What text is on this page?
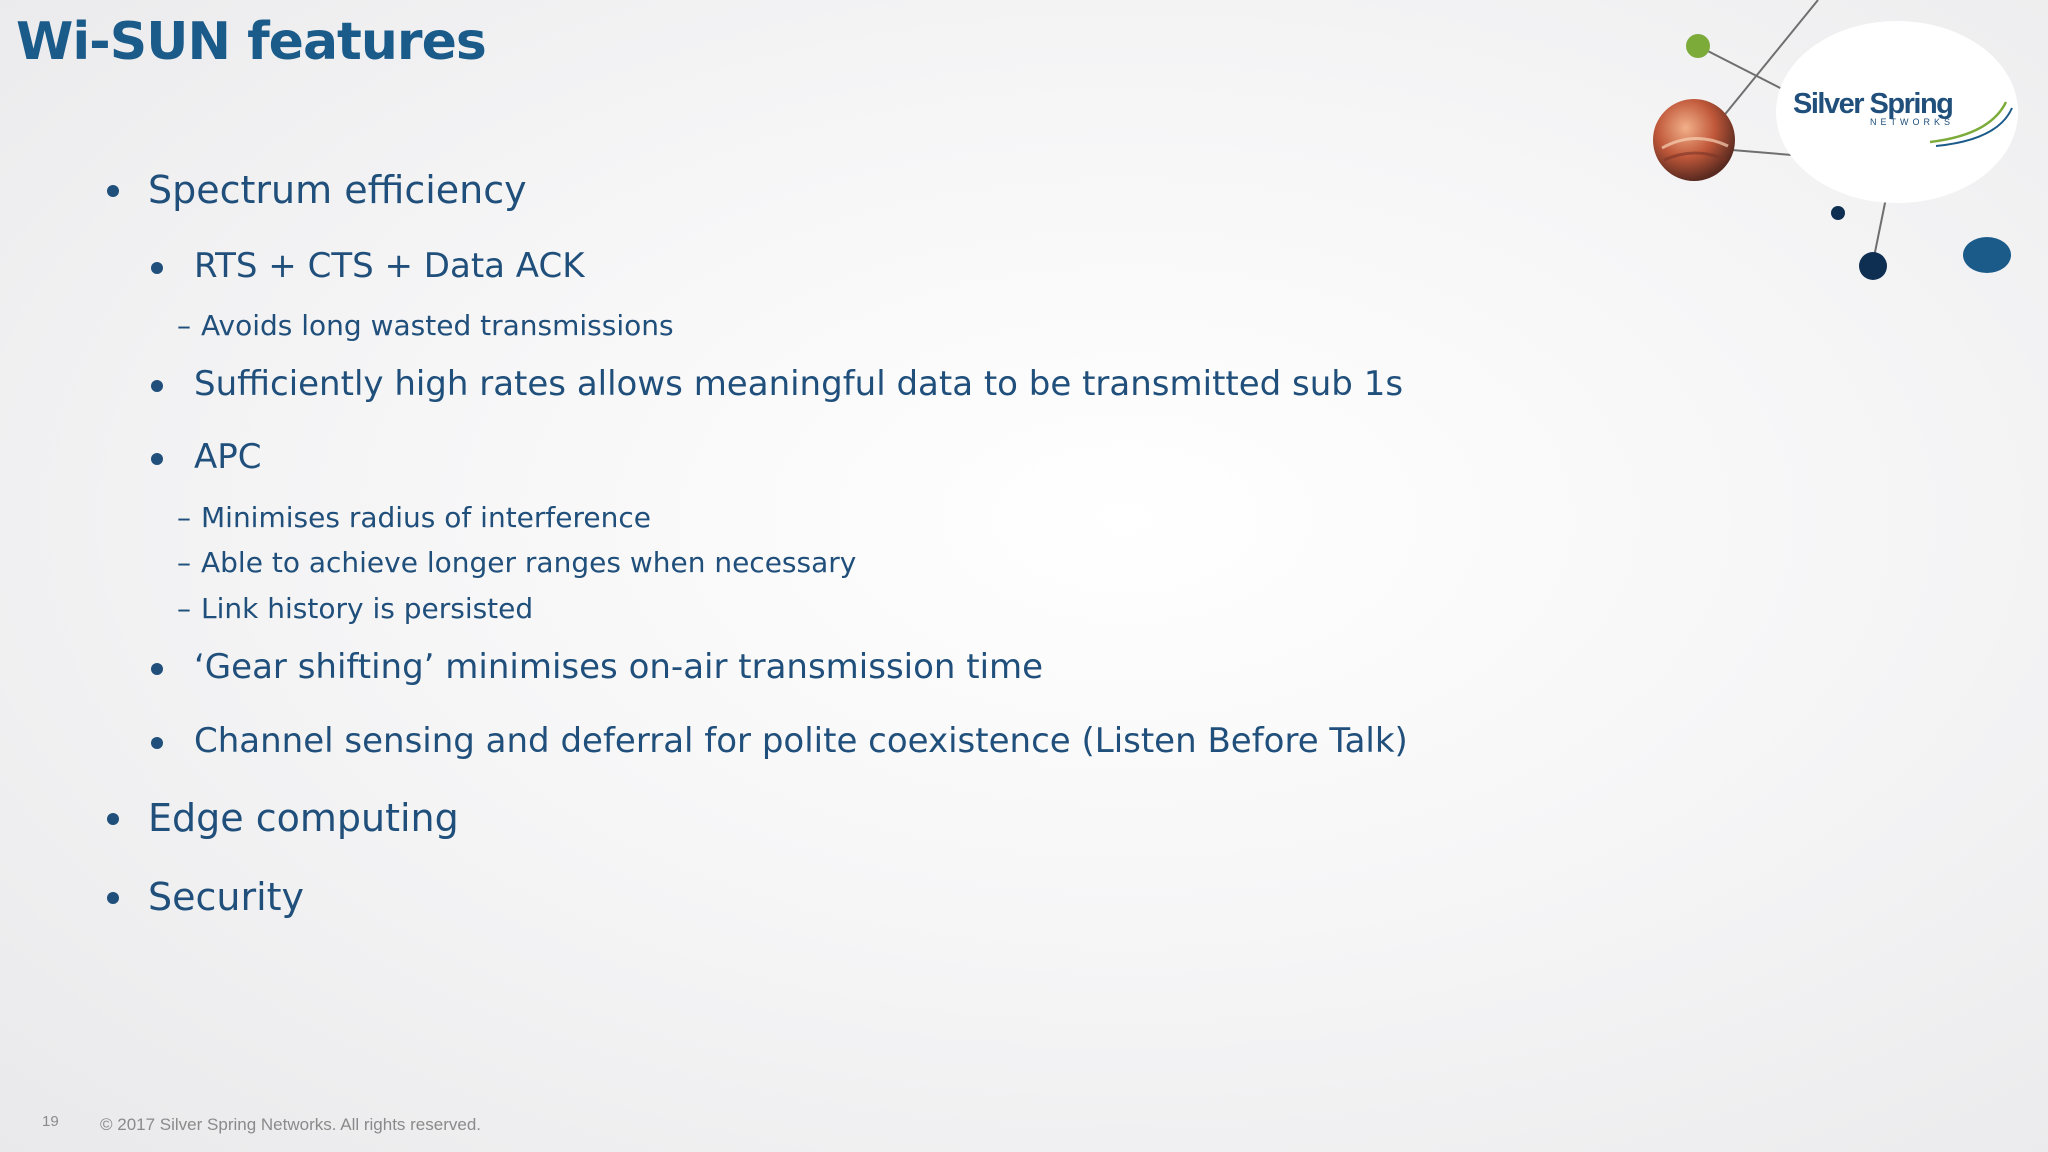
Wi-SUN features
Spectrum efficiency
RTS + CTS + Data ACK
– Avoids long wasted transmissions
Sufficiently high rates allows meaningful data to be transmitted sub 1s
APC
– Minimises radius of interference
– Able to achieve longer ranges when necessary
– Link history is persisted
‘Gear shifting’ minimises on-air transmission time
Channel sensing and deferral for polite coexistence (Listen Before Talk)
Edge computing
Security
Silver Spring
NETWORKS
19 © 2017 Silver Spring Networks. All rights reserved.
